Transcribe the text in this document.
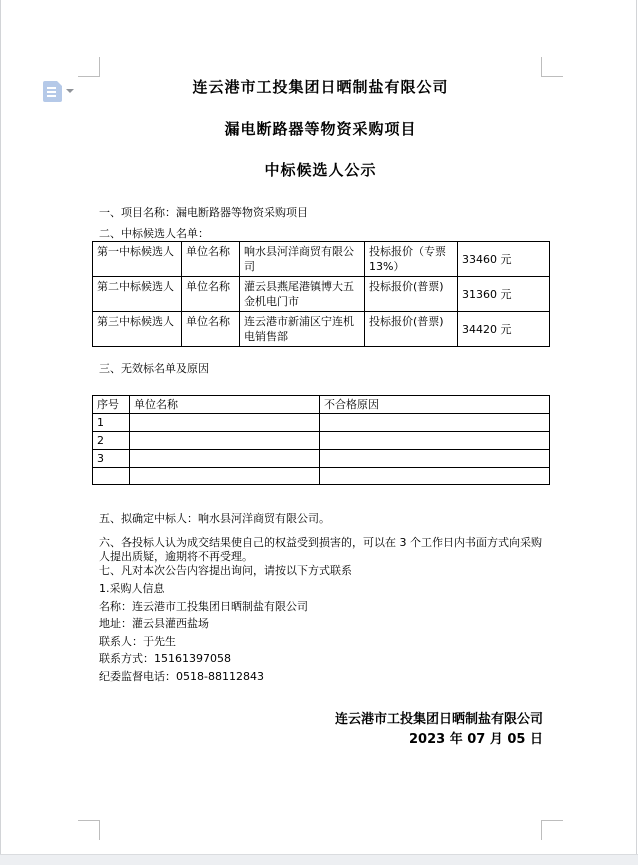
连云港市工投集团日晒制盐有限公司
漏电断路器等物资采购项目
中标候选人公示
一、项目名称：漏电断路器等物资采购项目
二、中标候选人名单：
第一中标候选人	单位名称	响水县河洋商贸有限公司	投标报价（专票 13%）	33460 元
第二中标候选人	单位名称	灌云县燕尾港镇博大五金机电门市	投标报价(普票)	31360 元
第三中标候选人	单位名称	连云港市新浦区宁连机电销售部	投标报价(普票)	34420 元
三、无效标名单及原因
序号	单位名称	不合格原因
1		
2		
3		

五、拟确定中标人：响水县河洋商贸有限公司。
六、各投标人认为成交结果使自己的权益受到损害的，可以在 3 个工作日内书面方式向采购人提出质疑，逾期将不再受理。
七、凡对本次公告内容提出询问，请按以下方式联系
1.采购人信息
名称：连云港市工投集团日晒制盐有限公司
地址：灌云县灌西盐场
联系人：于先生
联系方式：15161397058
纪委监督电话：0518-88112843
连云港市工投集团日晒制盐有限公司
2023 年 07 月 05 日
